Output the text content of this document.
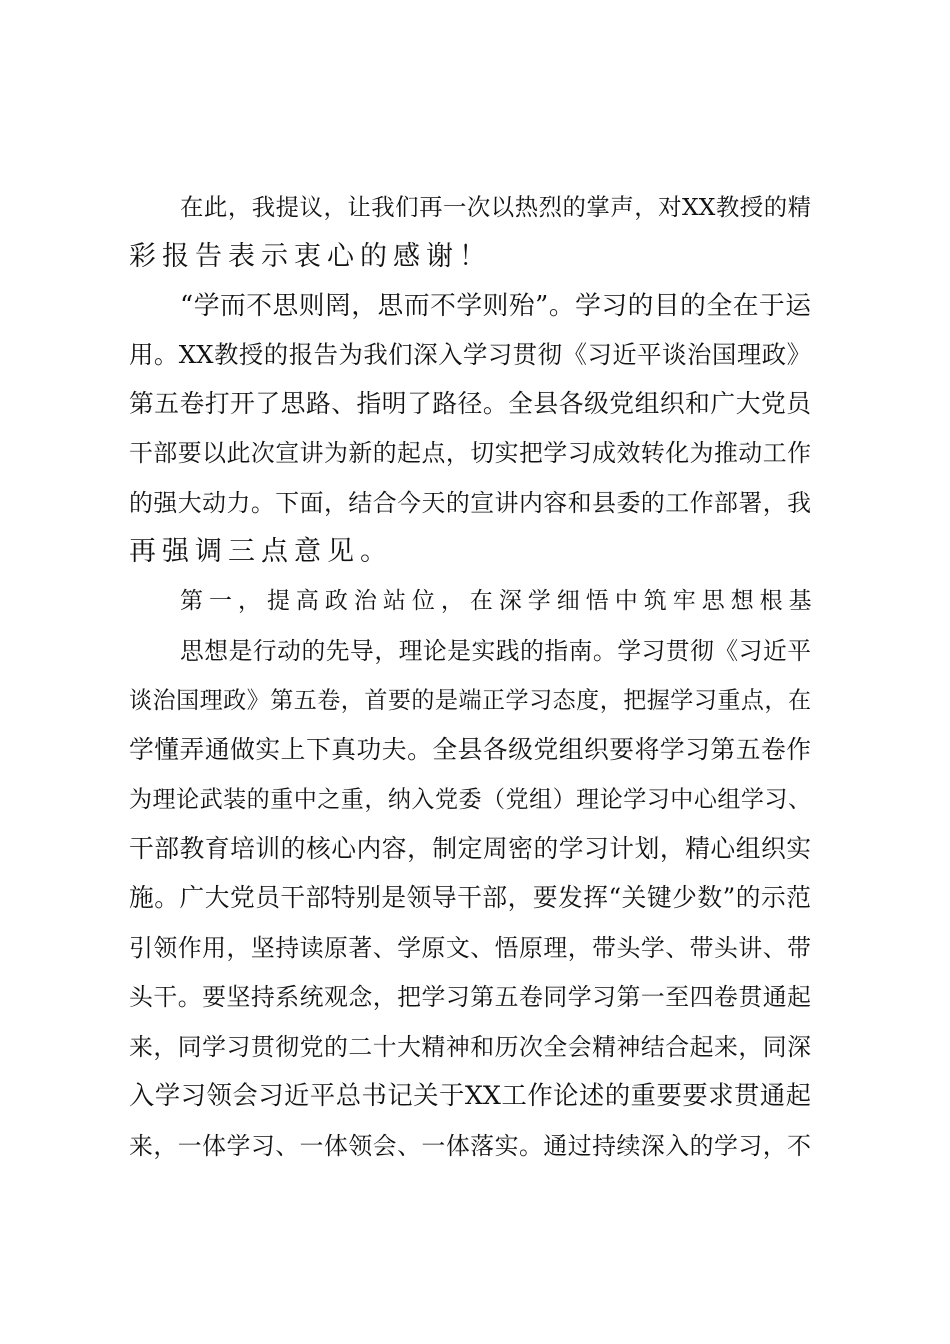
在此，我提议，让我们再一次以热烈的掌声，对XX教授的精
彩报告表示衷心的感谢！
“学而不思则罔，思而不学则殆”。学习的目的全在于运
用。XX教授的报告为我们深入学习贯彻《习近平谈治国理政》
第五卷打开了思路、指明了路径。全县各级党组织和广大党员
干部要以此次宣讲为新的起点，切实把学习成效转化为推动工作
的强大动力。下面，结合今天的宣讲内容和县委的工作部署，我
再强调三点意见。
第一，提高政治站位，在深学细悟中筑牢思想根基
思想是行动的先导，理论是实践的指南。学习贯彻《习近平
谈治国理政》第五卷，首要的是端正学习态度，把握学习重点，在
学懂弄通做实上下真功夫。全县各级党组织要将学习第五卷作
为理论武装的重中之重，纳入党委（党组）理论学习中心组学习、
干部教育培训的核心内容，制定周密的学习计划，精心组织实
施。广大党员干部特别是领导干部，要发挥“关键少数”的示范
引领作用，坚持读原著、学原文、悟原理，带头学、带头讲、带
头干。要坚持系统观念，把学习第五卷同学习第一至四卷贯通起
来，同学习贯彻党的二十大精神和历次全会精神结合起来，同深
入学习领会习近平总书记关于XX工作论述的重要要求贯通起
来，一体学习、一体领会、一体落实。通过持续深入的学习，不
